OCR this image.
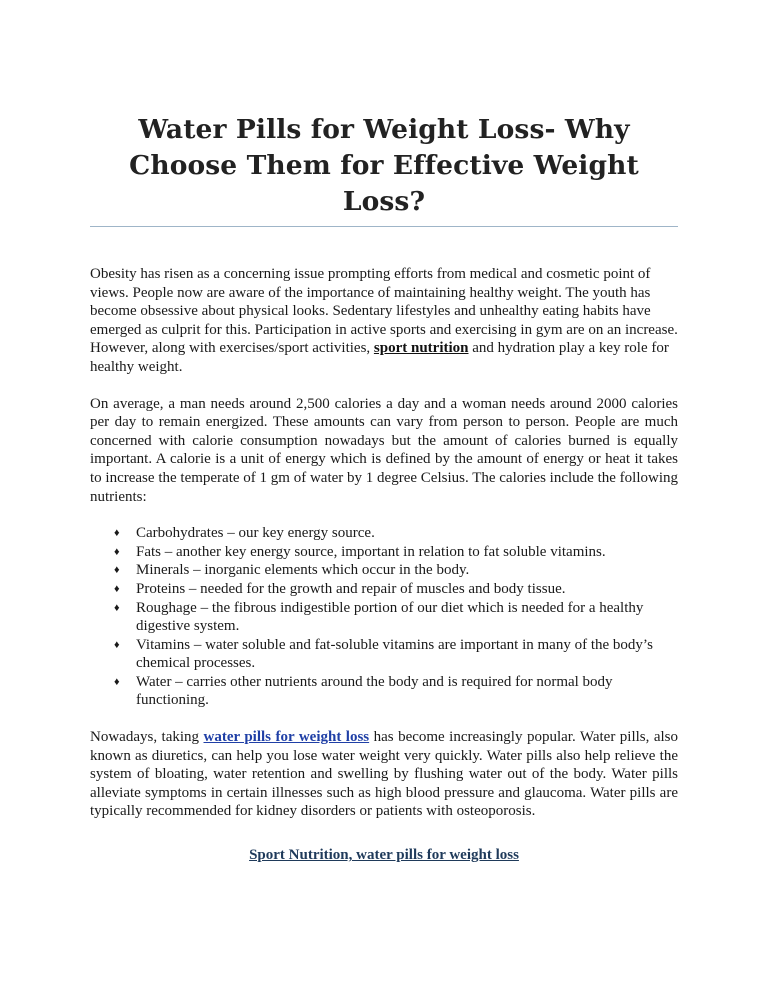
Water Pills for Weight Loss- Why Choose Them for Effective Weight Loss?

Obesity has risen as a concerning issue prompting efforts from medical and cosmetic point of views. People now are aware of the importance of maintaining healthy weight. The youth has become obsessive about physical looks. Sedentary lifestyles and unhealthy eating habits have emerged as culprit for this. Participation in active sports and exercising in gym are on an increase. However, along with exercises/sport activities, sport nutrition and hydration play a key role for healthy weight.

On average, a man needs around 2,500 calories a day and a woman needs around 2000 calories per day to remain energized. These amounts can vary from person to person. People are much concerned with calorie consumption nowadays but the amount of calories burned is equally important. A calorie is a unit of energy which is defined by the amount of energy or heat it takes to increase the temperate of 1 gm of water by 1 degree Celsius. The calories include the following nutrients:

♦ Carbohydrates – our key energy source.
♦ Fats – another key energy source, important in relation to fat soluble vitamins.
♦ Minerals – inorganic elements which occur in the body.
♦ Proteins – needed for the growth and repair of muscles and body tissue.
♦ Roughage – the fibrous indigestible portion of our diet which is needed for a healthy digestive system.
♦ Vitamins – water soluble and fat-soluble vitamins are important in many of the body’s chemical processes.
♦ Water – carries other nutrients around the body and is required for normal body functioning.

Nowadays, taking water pills for weight loss has become increasingly popular. Water pills, also known as diuretics, can help you lose water weight very quickly. Water pills also help relieve the system of bloating, water retention and swelling by flushing water out of the body. Water pills alleviate symptoms in certain illnesses such as high blood pressure and glaucoma. Water pills are typically recommended for kidney disorders or patients with osteoporosis.

Sport Nutrition, water pills for weight loss
